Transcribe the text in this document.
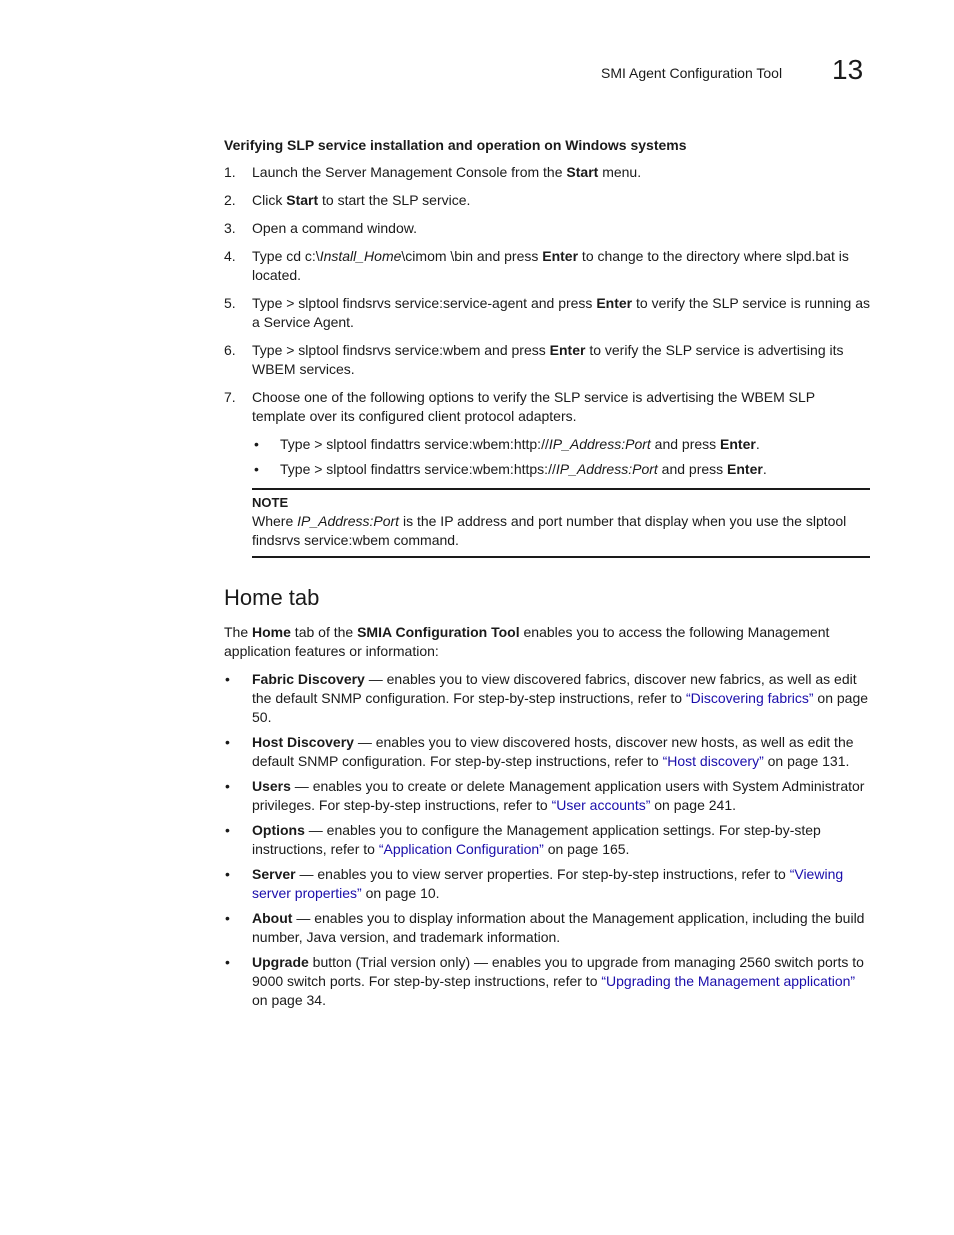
SMI Agent Configuration Tool 13
Verifying SLP service installation and operation on Windows systems
1. Launch the Server Management Console from the Start menu.
2. Click Start to start the SLP service.
3. Open a command window.
4. Type cd c:\Install_Home\cimom \bin and press Enter to change to the directory where slpd.bat is located.
5. Type > slptool findsrvs service:service-agent and press Enter to verify the SLP service is running as a Service Agent.
6. Type > slptool findsrvs service:wbem and press Enter to verify the SLP service is advertising its WBEM services.
7. Choose one of the following options to verify the SLP service is advertising the WBEM SLP template over its configured client protocol adapters.
• Type > slptool findattrs service:wbem:http://IP_Address:Port and press Enter.
• Type > slptool findattrs service:wbem:https://IP_Address:Port and press Enter.
NOTE
Where IP_Address:Port is the IP address and port number that display when you use the slptool findsrvs service:wbem command.
Home tab

The Home tab of the SMIA Configuration Tool enables you to access the following Management application features or information:

• Fabric Discovery — enables you to view discovered fabrics, discover new fabrics, as well as edit the default SNMP configuration. For step-by-step instructions, refer to “Discovering fabrics” on page 50.
• Host Discovery — enables you to view discovered hosts, discover new hosts, as well as edit the default SNMP configuration. For step-by-step instructions, refer to “Host discovery” on page 131.
• Users — enables you to create or delete Management application users with System Administrator privileges. For step-by-step instructions, refer to “User accounts” on page 241.
• Options — enables you to configure the Management application settings. For step-by-step instructions, refer to “Application Configuration” on page 165.
• Server — enables you to view server properties. For step-by-step instructions, refer to “Viewing server properties” on page 10.
• About — enables you to display information about the Management application, including the build number, Java version, and trademark information.
• Upgrade button (Trial version only) — enables you to upgrade from managing 2560 switch ports to 9000 switch ports. For step-by-step instructions, refer to “Upgrading the Management application” on page 34.
